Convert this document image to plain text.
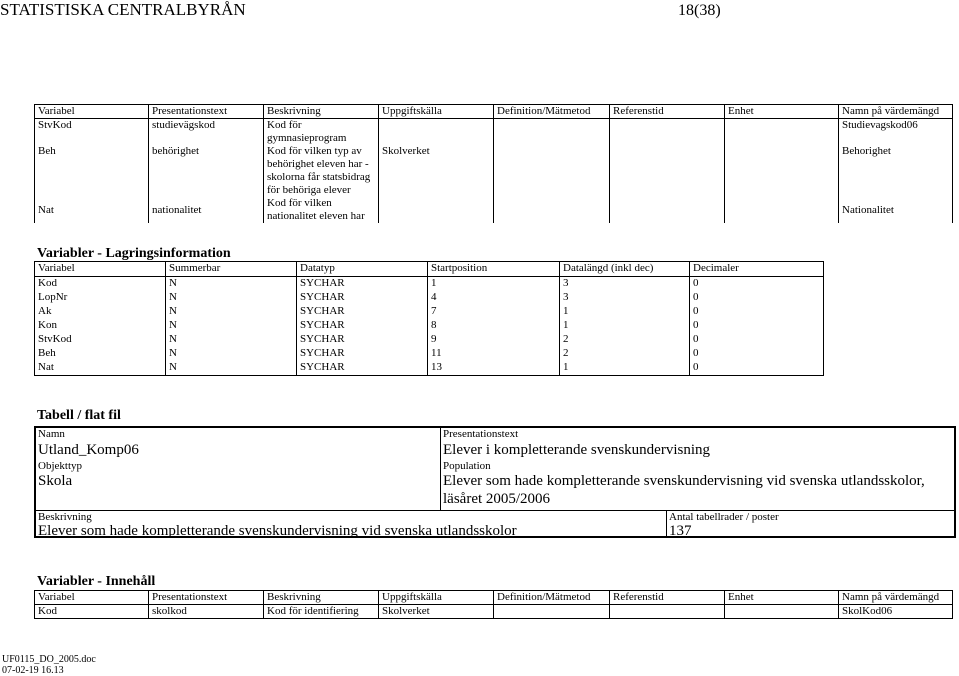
STATISTISKA CENTRALBYRÅN	18(38)
Variabel	Presentationstext	Beskrivning	Uppgiftskälla	Definition/Mätmetod	Referenstid	Enhet	Namn på värdemängd
StvKod	studievägskod	Kod för gymnasieprogram					Studievagskod06
Beh	behörighet	Kod för vilken typ av behörighet eleven har - skolorna får statsbidrag för behöriga elever	Skolverket				Behorighet
Nat	nationalitet	Kod för vilken nationalitet eleven har					Nationalitet
Variabler - Lagringsinformation
Variabel	Summerbar	Datatyp	Startposition	Datalängd (inkl dec)	Decimaler
Kod	N	SYCHAR	1	3	0
LopNr	N	SYCHAR	4	3	0
Ak	N	SYCHAR	7	1	0
Kon	N	SYCHAR	8	1	0
StvKod	N	SYCHAR	9	2	0
Beh	N	SYCHAR	11	2	0
Nat	N	SYCHAR	13	1	0
Tabell / flat fil
Namn
Utland_Komp06
Objekttyp
Skola
Presentationstext
Elever i kompletterande svenskundervisning
Population
Elever som hade kompletterande svenskundervisning vid svenska utlandsskolor,
läsåret 2005/2006
Beskrivning
Elever som hade kompletterande svenskundervisning vid svenska utlandsskolor
Antal tabellrader / poster
137
Variabler - Innehåll
Variabel	Presentationstext	Beskrivning	Uppgiftskälla	Definition/Mätmetod	Referenstid	Enhet	Namn på värdemängd
Kod	skolkod	Kod för identifiering	Skolverket				SkolKod06
UF0115_DO_2005.doc
07-02-19 16.13
